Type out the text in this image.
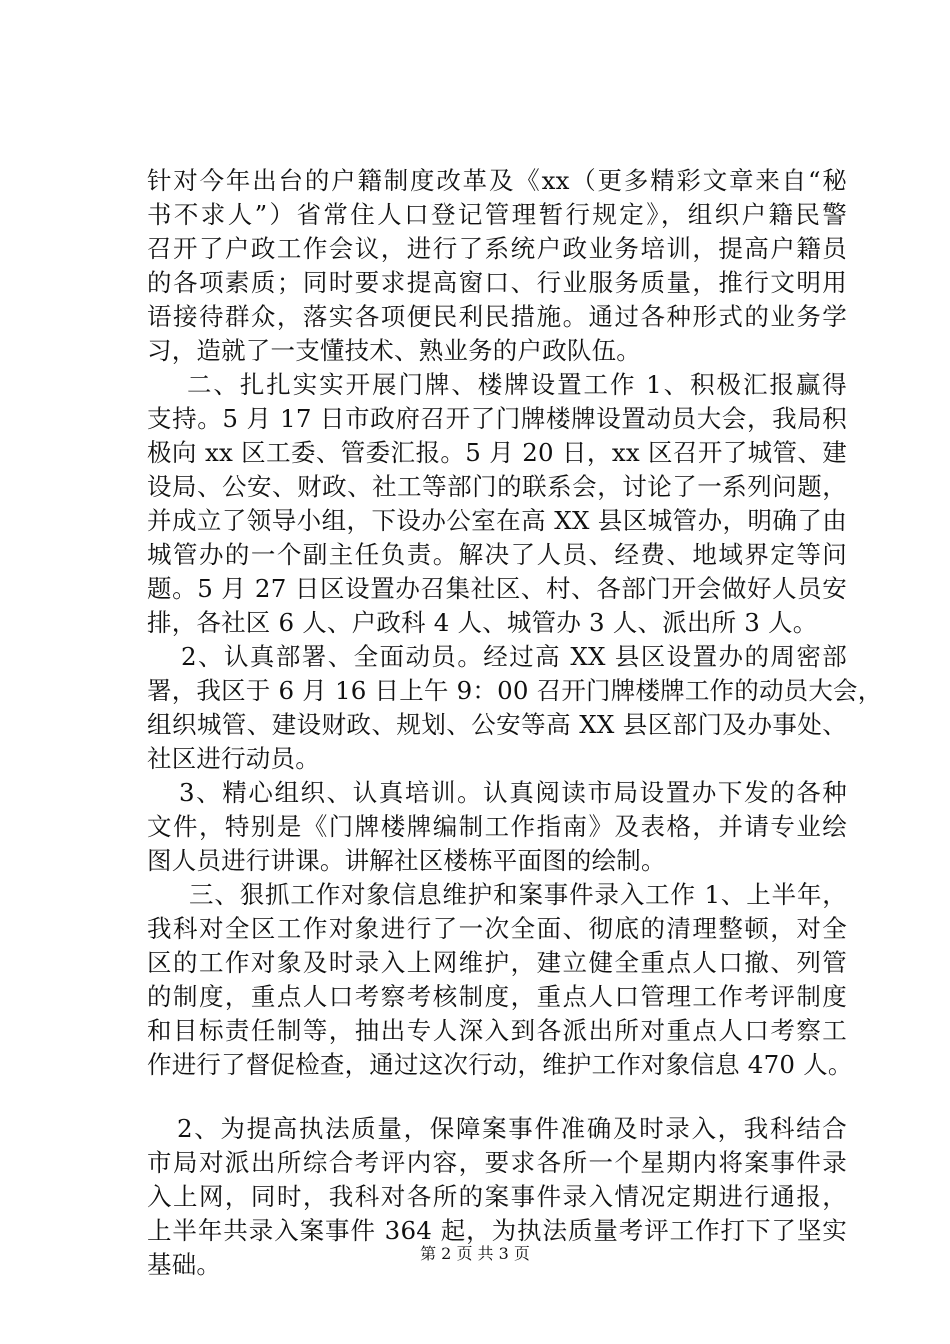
针对今年出台的户籍制度改革及《xx（更多精彩文章来自“秘
书不求人”）省常住人口登记管理暂行规定》，组织户籍民警
召开了户政工作会议，进行了系统户政业务培训，提高户籍员
的各项素质；同时要求提高窗口、行业服务质量，推行文明用
语接待群众，落实各项便民利民措施。通过各种形式的业务学
习，造就了一支懂技术、熟业务的户政队伍。
二、扎扎实实开展门牌、楼牌设置工作 1、积极汇报赢得
支持。5 月 17 日市政府召开了门牌楼牌设置动员大会，我局积
极向 xx 区工委、管委汇报。5 月 20 日，xx 区召开了城管、建
设局、公安、财政、社工等部门的联系会，讨论了一系列问题，
并成立了领导小组，下设办公室在高 XX 县区城管办，明确了由
城管办的一个副主任负责。解决了人员、经费、地域界定等问
题。5 月 27 日区设置办召集社区、村、各部门开会做好人员安
排，各社区 6 人、户政科 4 人、城管办 3 人、派出所 3 人。
2、认真部署、全面动员。经过高 XX 县区设置办的周密部
署，我区于 6 月 16 日上午 9：00 召开门牌楼牌工作的动员大会，
组织城管、建设财政、规划、公安等高 XX 县区部门及办事处、
社区进行动员。
3、精心组织、认真培训。认真阅读市局设置办下发的各种
文件，特别是《门牌楼牌编制工作指南》及表格，并请专业绘
图人员进行讲课。讲解社区楼栋平面图的绘制。
三、狠抓工作对象信息维护和案事件录入工作 1、上半年，
我科对全区工作对象进行了一次全面、彻底的清理整顿，对全
区的工作对象及时录入上网维护，建立健全重点人口撤、列管
的制度，重点人口考察考核制度，重点人口管理工作考评制度
和目标责任制等，抽出专人深入到各派出所对重点人口考察工
作进行了督促检查，通过这次行动，维护工作对象信息 470 人。
2、为提高执法质量，保障案事件准确及时录入，我科结合
市局对派出所综合考评内容，要求各所一个星期内将案事件录
入上网，同时，我科对各所的案事件录入情况定期进行通报，
上半年共录入案事件 364 起，为执法质量考评工作打下了坚实
基础。	第 2 页 共 3 页
